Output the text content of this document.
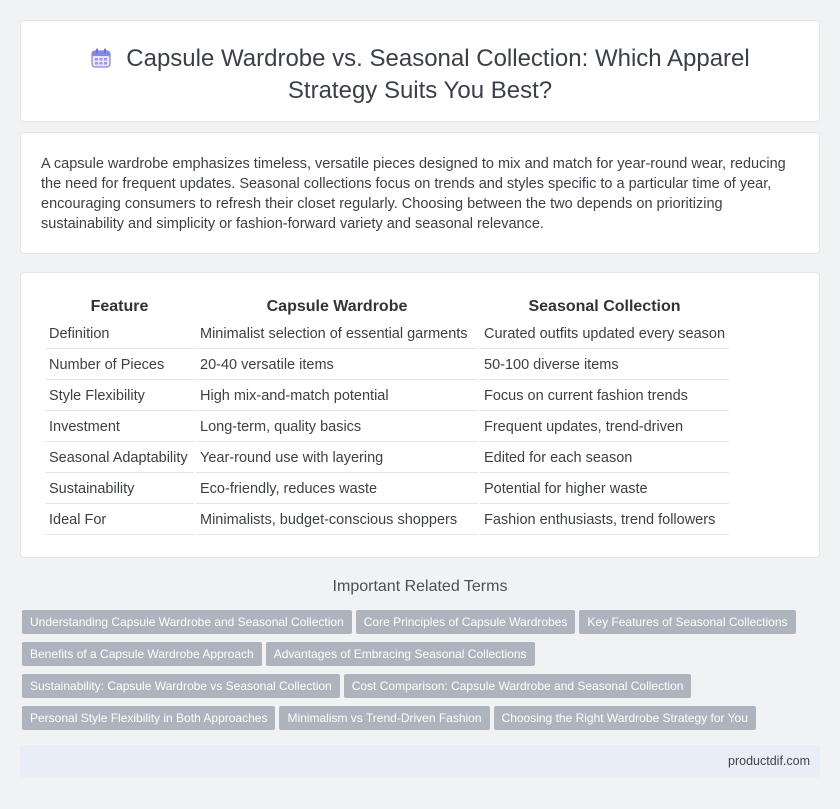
Capsule Wardrobe vs. Seasonal Collection: Which Apparel
Strategy Suits You Best?

A capsule wardrobe emphasizes timeless, versatile pieces designed to mix and match for year-round wear, reducing the need for frequent updates. Seasonal collections focus on trends and styles specific to a particular time of year, encouraging consumers to refresh their closet regularly. Choosing between the two depends on prioritizing sustainability and simplicity or fashion-forward variety and seasonal relevance.

Feature	Capsule Wardrobe	Seasonal Collection
Definition	Minimalist selection of essential garments	Curated outfits updated every season
Number of Pieces	20-40 versatile items	50-100 diverse items
Style Flexibility	High mix-and-match potential	Focus on current fashion trends
Investment	Long-term, quality basics	Frequent updates, trend-driven
Seasonal Adaptability	Year-round use with layering	Edited for each season
Sustainability	Eco-friendly, reduces waste	Potential for higher waste
Ideal For	Minimalists, budget-conscious shoppers	Fashion enthusiasts, trend followers
Important Related Terms
Understanding Capsule Wardrobe and Seasonal Collection Core Principles of Capsule Wardrobes Key Features of Seasonal Collections
Benefits of a Capsule Wardrobe Approach Advantages of Embracing Seasonal Collections
Sustainability: Capsule Wardrobe vs Seasonal Collection Cost Comparison: Capsule Wardrobe and Seasonal Collection
Personal Style Flexibility in Both Approaches Minimalism vs Trend-Driven Fashion Choosing the Right Wardrobe Strategy for You
productdif.com
